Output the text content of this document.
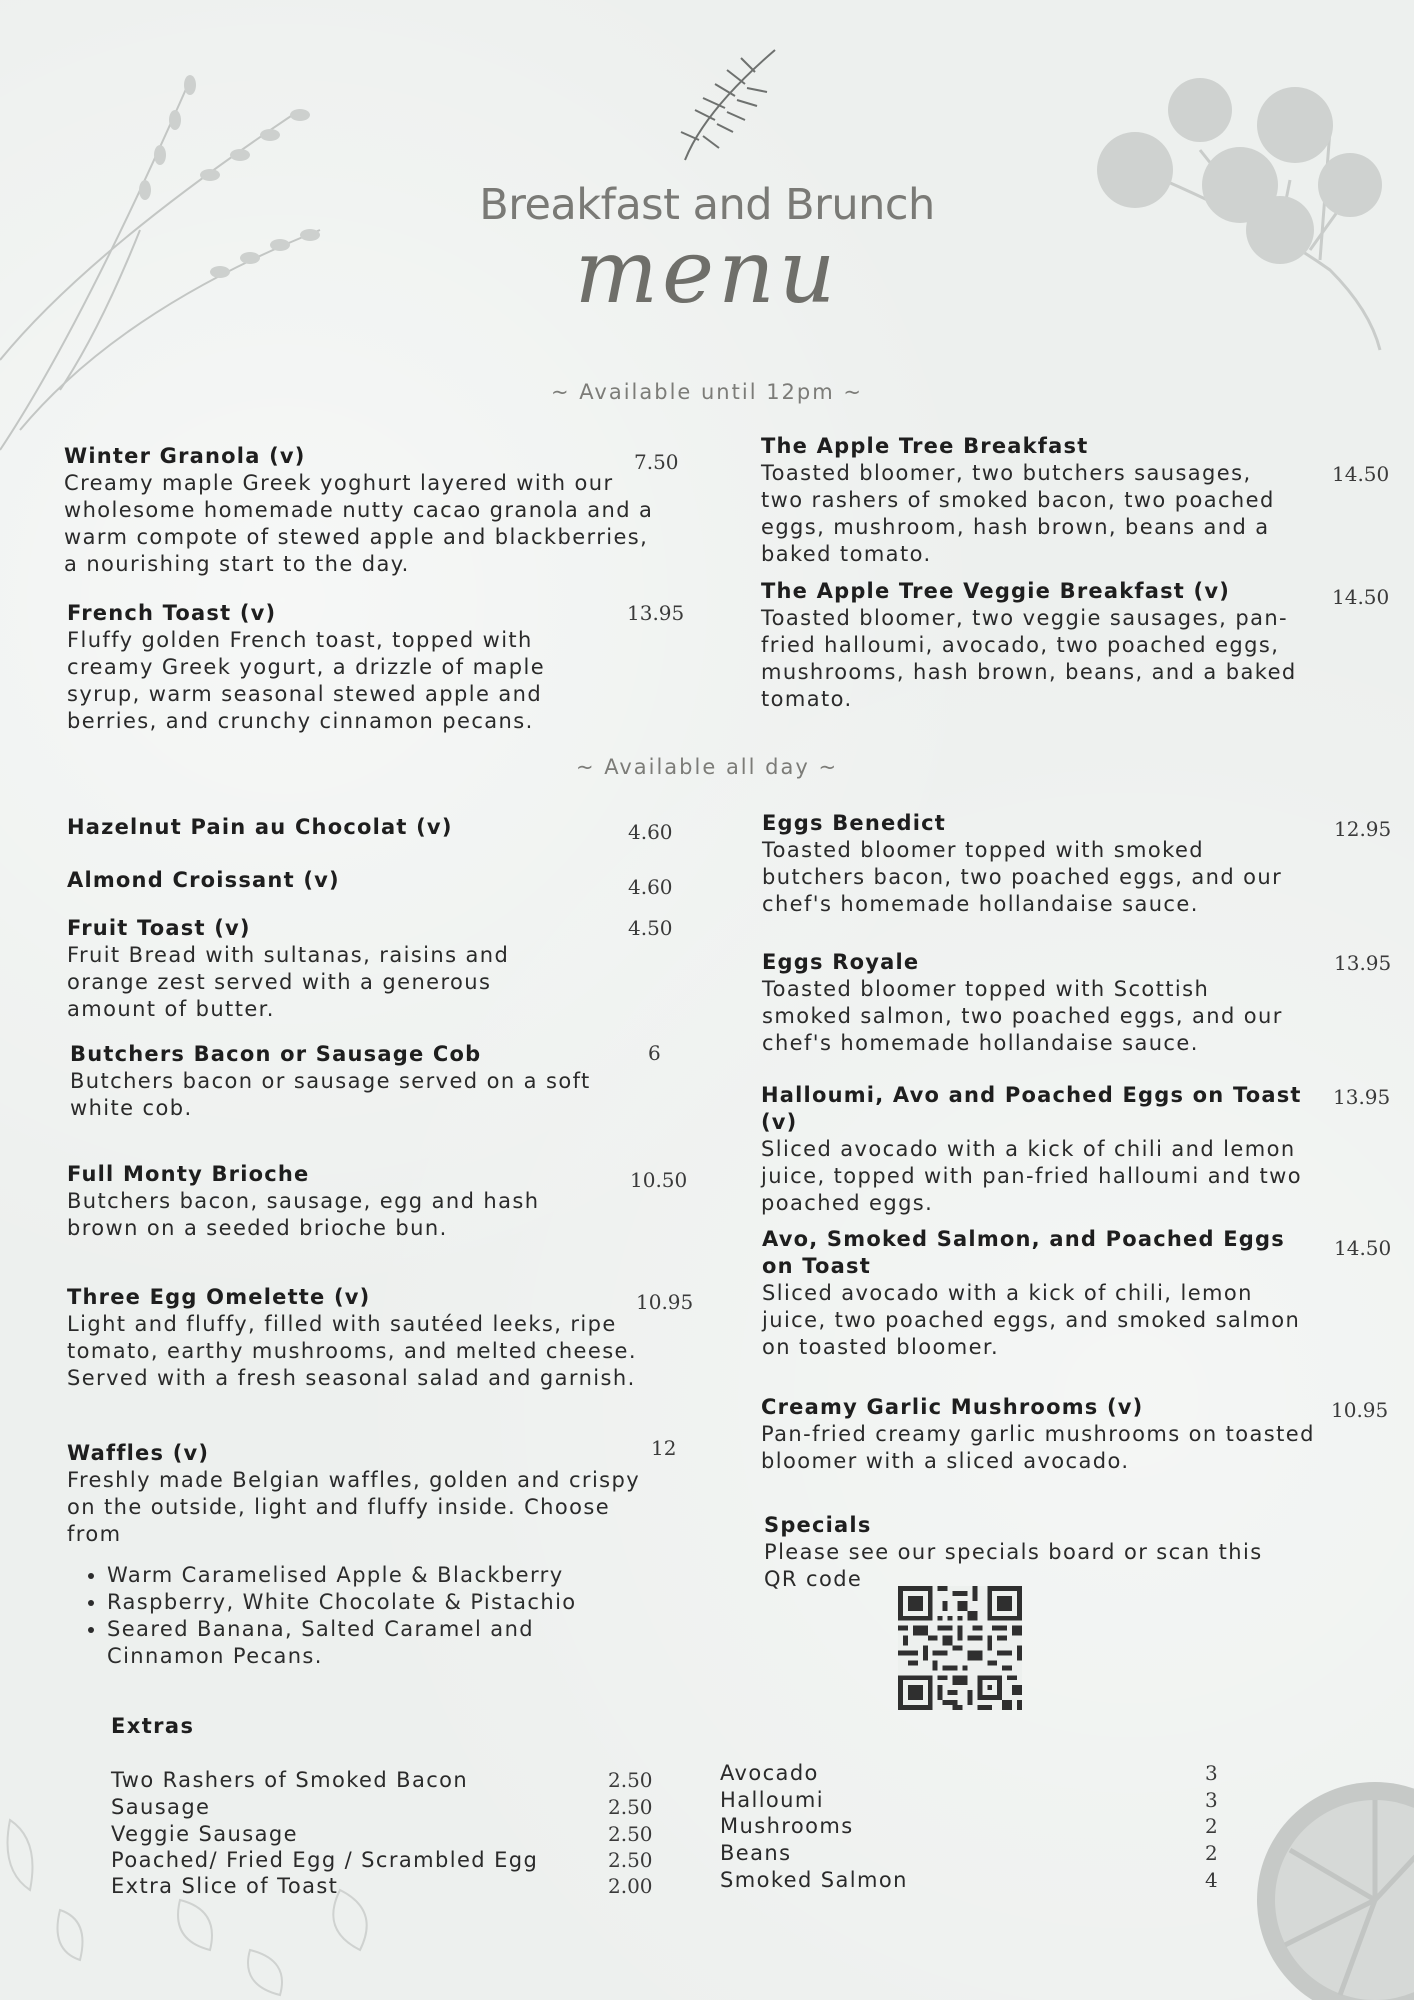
Breakfast and Brunch
menu
~ Available until 12pm ~
Winter Granola (v)
Creamy maple Greek yoghurt layered with our wholesome homemade nutty cacao granola and a warm compote of stewed apple and blackberries, a nourishing start to the day.
7.50
French Toast (v)
Fluffy golden French toast, topped with creamy Greek yogurt, a drizzle of maple syrup, warm seasonal stewed apple and berries, and crunchy cinnamon pecans.
13.95
The Apple Tree Breakfast
Toasted bloomer, two butchers sausages, two rashers of smoked bacon, two poached eggs, mushroom, hash brown, beans and a baked tomato.
14.50
The Apple Tree Veggie Breakfast (v)
Toasted bloomer, two veggie sausages, pan-fried halloumi, avocado, two poached eggs, mushrooms, hash brown, beans, and a baked tomato.
14.50
~ Available all day ~
Hazelnut Pain au Chocolat (v)	4.60
Almond Croissant (v)	4.60
Fruit Toast (v)
Fruit Bread with sultanas, raisins and orange zest served with a generous amount of butter.
4.50
Butchers Bacon or Sausage Cob
Butchers bacon or sausage served on a soft white cob.
6
Full Monty Brioche
Butchers bacon, sausage, egg and hash brown on a seeded brioche bun.
10.50
Three Egg Omelette (v)
Light and fluffy, filled with sautéed leeks, ripe tomato, earthy mushrooms, and melted cheese. Served with a fresh seasonal salad and garnish.
10.95
Waffles (v)
Freshly made Belgian waffles, golden and crispy on the outside, light and fluffy inside. Choose from
• Warm Caramelised Apple & Blackberry
• Raspberry, White Chocolate & Pistachio
• Seared Banana, Salted Caramel and Cinnamon Pecans.
12
Eggs Benedict
Toasted bloomer topped with smoked butchers bacon, two poached eggs, and our chef's homemade hollandaise sauce.
12.95
Eggs Royale
Toasted bloomer topped with Scottish smoked salmon, two poached eggs, and our chef's homemade hollandaise sauce.
13.95
Halloumi, Avo and Poached Eggs on Toast (v)
Sliced avocado with a kick of chili and lemon juice, topped with pan-fried halloumi and two poached eggs.
13.95
Avo, Smoked Salmon, and Poached Eggs on Toast
Sliced avocado with a kick of chili, lemon juice, two poached eggs, and smoked salmon on toasted bloomer.
14.50
Creamy Garlic Mushrooms (v)
Pan-fried creamy garlic mushrooms on toasted bloomer with a sliced avocado.
10.95
Specials
Please see our specials board or scan this QR code
Extras
Two Rashers of Smoked Bacon	2.50
Sausage	2.50
Veggie Sausage	2.50
Poached/ Fried Egg / Scrambled Egg	2.50
Extra Slice of Toast	2.00
Avocado	3
Halloumi	3
Mushrooms	2
Beans	2
Smoked Salmon	4
